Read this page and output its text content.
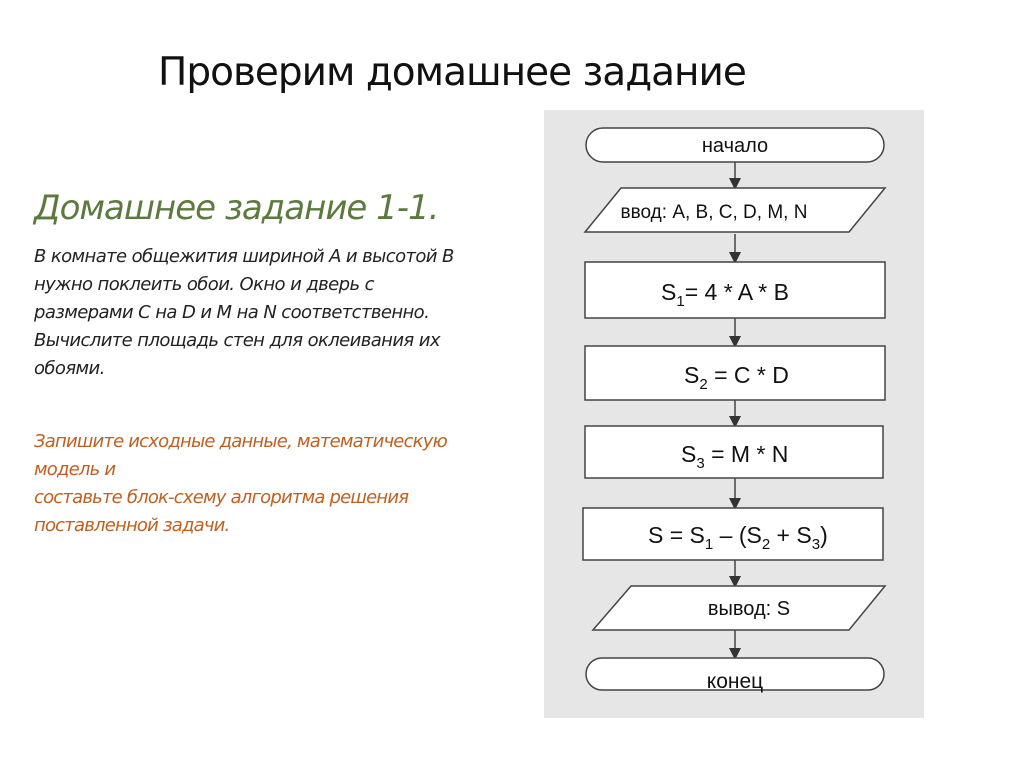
Проверим домашнее задание
Домашнее задание 1-1.
В комнате общежития шириной А и высотой В
нужно поклеить обои. Окно и дверь с
размерами С на D и M на N соответственно.
Вычислите площадь стен для оклеивания их
обоями.
Запишите исходные данные, математическую
модель и
составьте блок-схему алгоритма решения
поставленной задачи.
начало
ввод: A, B, C, D, M, N
$S_1= 4 * A * B$
$S_2 = C * D$
$S_3 = M * N$
$S = S_1 - (S_2 + S_3)$
вывод: S
конец
